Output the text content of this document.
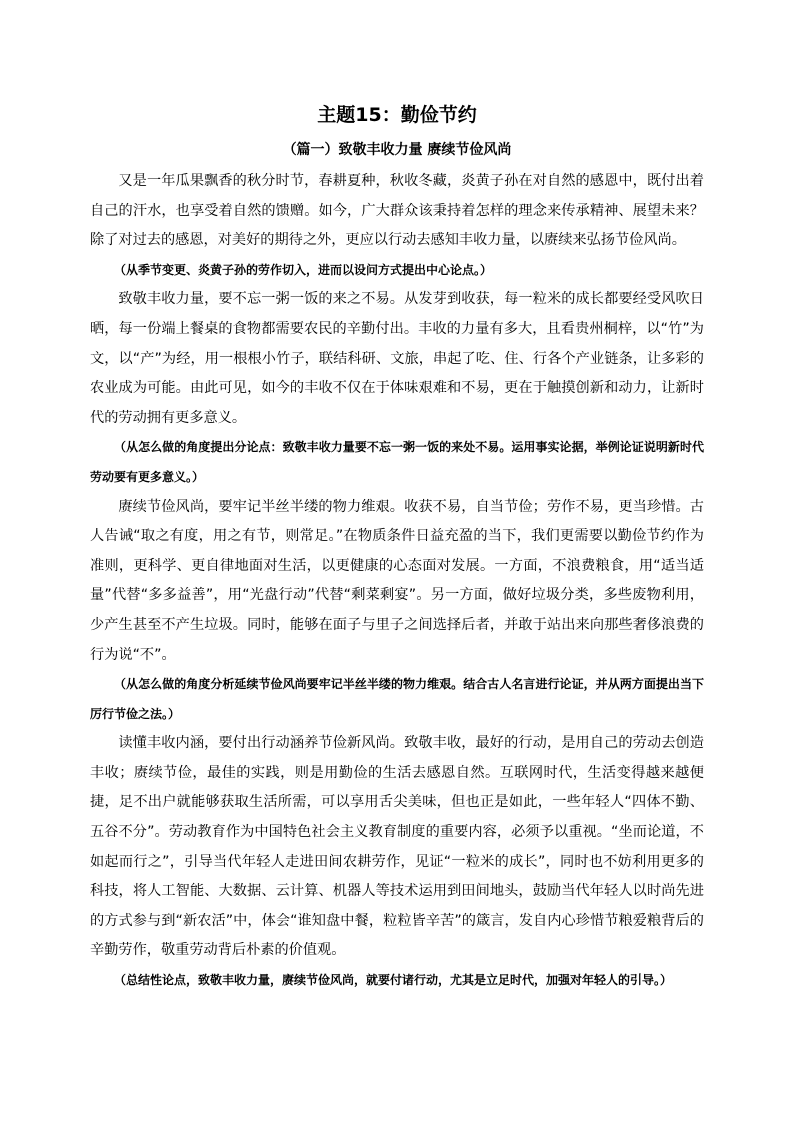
主题15：勤俭节约
（篇一）致敬丰收力量 赓续节俭风尚

又是一年瓜果飘香的秋分时节，春耕夏种，秋收冬藏，炎黄子孙在对自然的感恩中，既付出着自己的汗水，也享受着自然的馈赠。如今，广大群众该秉持着怎样的理念来传承精神、展望未来？除了对过去的感恩，对美好的期待之外，更应以行动去感知丰收力量，以赓续来弘扬节俭风尚。

（从季节变更、炎黄子孙的劳作切入，进而以设问方式提出中心论点。）

致敬丰收力量，要不忘一粥一饭的来之不易。从发芽到收获，每一粒米的成长都要经受风吹日晒，每一份端上餐桌的食物都需要农民的辛勤付出。丰收的力量有多大，且看贵州桐梓，以“竹”为文，以“产”为经，用一根根小竹子，联结科研、文旅，串起了吃、住、行各个产业链条，让多彩的农业成为可能。由此可见，如今的丰收不仅在于体味艰难和不易，更在于触摸创新和动力，让新时代的劳动拥有更多意义。

（从怎么做的角度提出分论点：致敬丰收力量要不忘一粥一饭的来处不易。运用事实论据，举例论证说明新时代劳动要有更多意义。）

赓续节俭风尚，要牢记半丝半缕的物力维艰。收获不易，自当节俭；劳作不易，更当珍惜。古人告诫“取之有度，用之有节，则常足。”在物质条件日益充盈的当下，我们更需要以勤俭节约作为准则，更科学、更自律地面对生活，以更健康的心态面对发展。一方面，不浪费粮食，用“适当适量”代替“多多益善”，用“光盘行动”代替“剩菜剩宴”。另一方面，做好垃圾分类，多些废物利用，少产生甚至不产生垃圾。同时，能够在面子与里子之间选择后者，并敢于站出来向那些奢侈浪费的行为说“不”。

（从怎么做的角度分析延续节俭风尚要牢记半丝半缕的物力维艰。结合古人名言进行论证，并从两方面提出当下厉行节俭之法。）

读懂丰收内涵，要付出行动涵养节俭新风尚。致敬丰收，最好的行动，是用自己的劳动去创造丰收；赓续节俭，最佳的实践，则是用勤俭的生活去感恩自然。互联网时代，生活变得越来越便捷，足不出户就能够获取生活所需，可以享用舌尖美味，但也正是如此，一些年轻人“四体不勤、五谷不分”。劳动教育作为中国特色社会主义教育制度的重要内容，必须予以重视。“坐而论道，不如起而行之”，引导当代年轻人走进田间农耕劳作，见证“一粒米的成长”，同时也不妨利用更多的科技，将人工智能、大数据、云计算、机器人等技术运用到田间地头，鼓励当代年轻人以时尚先进的方式参与到“新农活”中，体会“谁知盘中餐，粒粒皆辛苦”的箴言，发自内心珍惜节粮爱粮背后的辛勤劳作，敬重劳动背后朴素的价值观。

（总结性论点，致敬丰收力量，赓续节俭风尚，就要付诸行动，尤其是立足时代，加强对年轻人的引导。）
